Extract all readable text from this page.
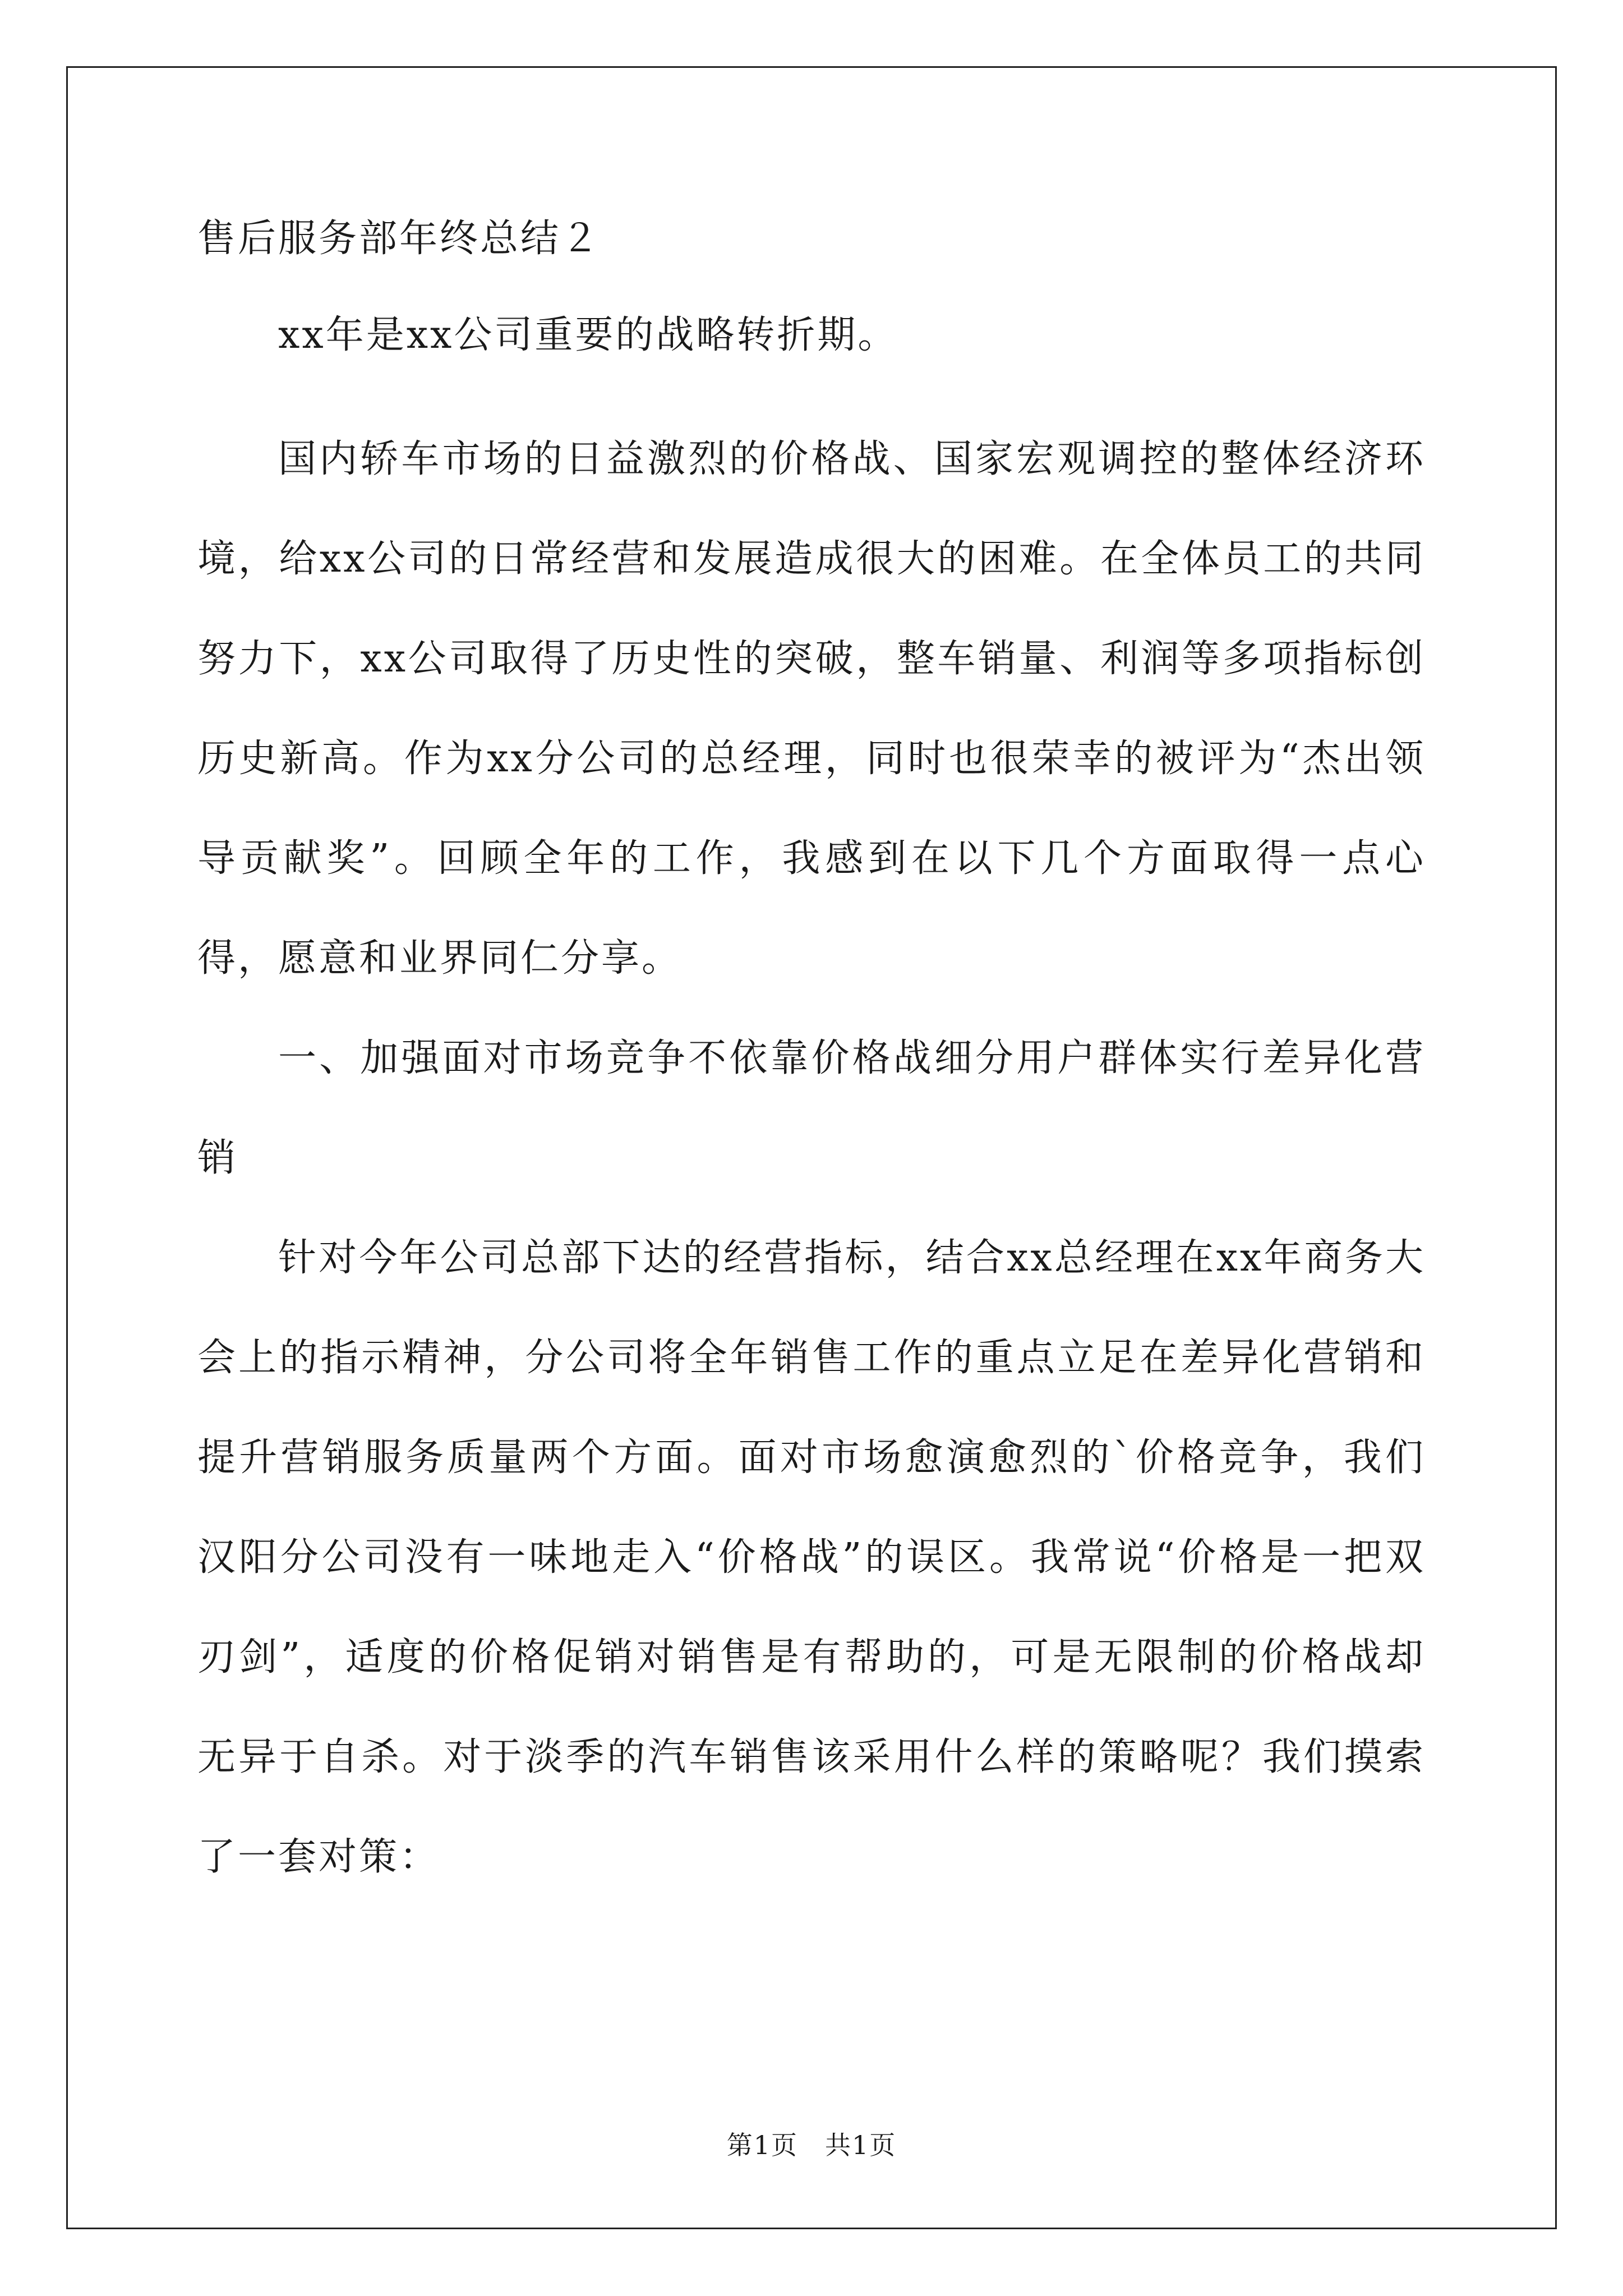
售后服务部年终总结２

xx年是xx公司重要的战略转折期。

国内轿车市场的日益激烈的价格战、国家宏观调控的整体经济环境，给xx公司的日常经营和发展造成很大的困难。在全体员工的共同努力下，xx公司取得了历史性的突破，整车销量、利润等多项指标创历史新高。作为xx分公司的总经理，同时也很荣幸的被评为“杰出领导贡献奖”。回顾全年的工作，我感到在以下几个方面取得一点心得，愿意和业界同仁分享。

一、加强面对市场竞争不依靠价格战细分用户群体实行差异化营销

针对今年公司总部下达的经营指标，结合xx总经理在xx年商务大会上的指示精神，分公司将全年销售工作的重点立足在差异化营销和提升营销服务质量两个方面。面对市场愈演愈烈的`价格竞争，我们汉阳分公司没有一味地走入“价格战”的误区。我常说“价格是一把双刃剑”，适度的价格促销对销售是有帮助的，可是无限制的价格战却无异于自杀。对于淡季的汽车销售该采用什么样的策略呢？我们摸索了一套对策：

第1页　共1页
